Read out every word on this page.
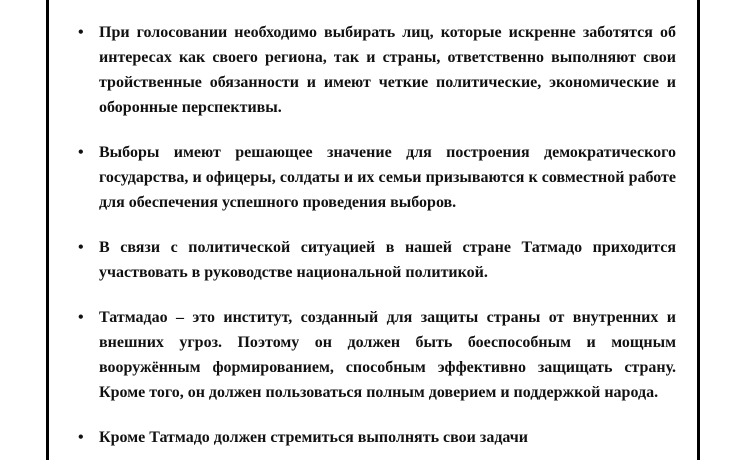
• При голосовании необходимо выбирать лиц, которые искренне заботятся об интересах как своего региона, так и страны, ответственно выполняют свои тройственные обязанности и имеют четкие политические, экономические и оборонные перспективы.
• Выборы имеют решающее значение для построения демократического государства, и офицеры, солдаты и их семьи призываются к совместной работе для обеспечения успешного проведения выборов.
• В связи с политической ситуацией в нашей стране Татмадо приходится участвовать в руководстве национальной политикой.
• Татмадао – это институт, созданный для защиты страны от внутренних и внешних угроз. Поэтому он должен быть боеспособным и мощным вооружённым формированием, способным эффективно защищать страну. Кроме того, он должен пользоваться полным доверием и поддержкой народа.
• Кроме Татмадо должен стремиться выполнять свои задачи
